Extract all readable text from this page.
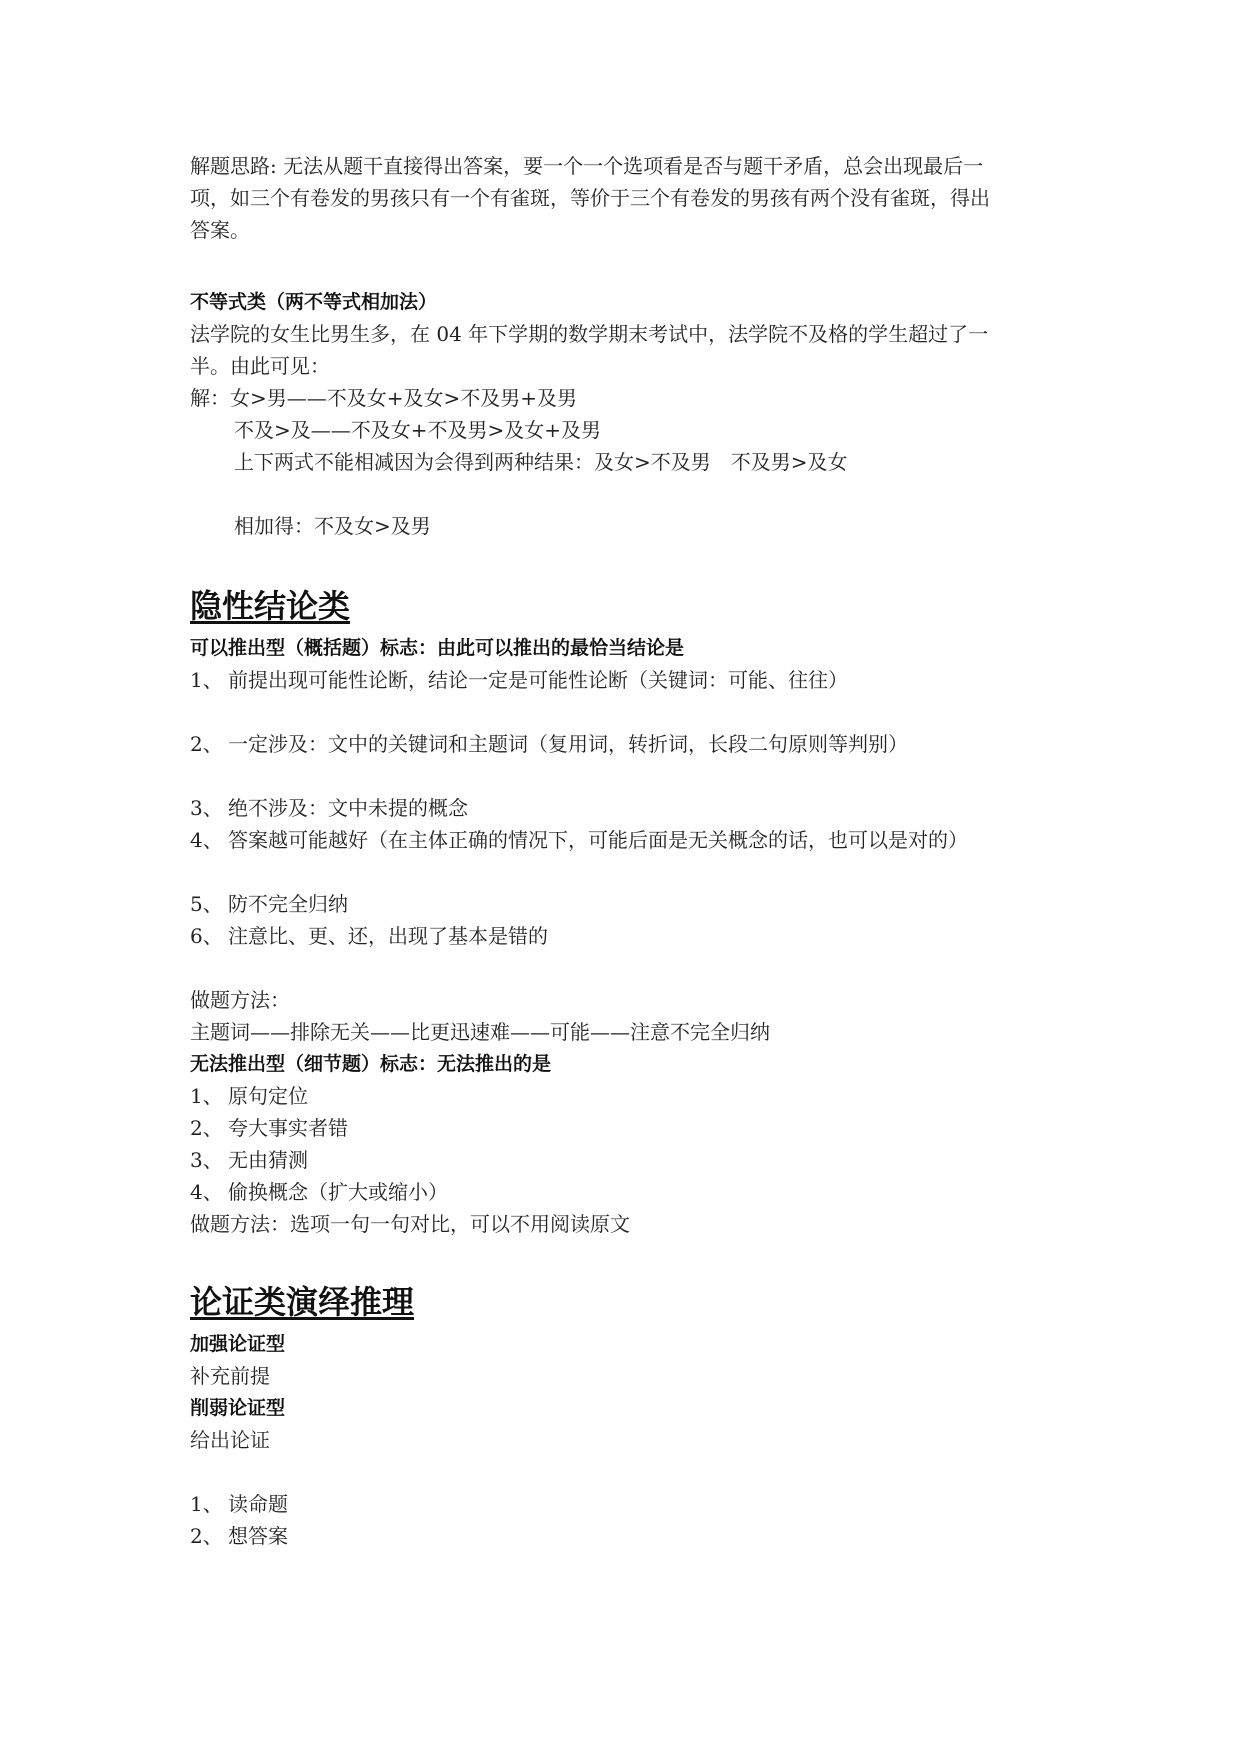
解题思路: 无法从题干直接得出答案，要一个一个选项看是否与题干矛盾，总会出现最后一

项，如三个有卷发的男孩只有一个有雀斑，等价于三个有卷发的男孩有两个没有雀斑，得出

答案。

不等式类（两不等式相加法）

法学院的女生比男生多，在 04 年下学期的数学期末考试中，法学院不及格的学生超过了一

半。由此可见：

解：女>男——不及女+及女>不及男+及男

不及>及——不及女+不及男>及女+及男

上下两式不能相减因为会得到两种结果：及女>不及男　不及男>及女

相加得：不及女>及男

隐性结论类

可以推出型（概括题）标志：由此可以推出的最恰当结论是

1、 前提出现可能性论断，结论一定是可能性论断（关键词：可能、往往）
2、 一定涉及：文中的关键词和主题词（复用词，转折词，长段二句原则等判别）
3、 绝不涉及：文中未提的概念
4、 答案越可能越好（在主体正确的情况下，可能后面是无关概念的话，也可以是对的）
5、 防不完全归纳
6、 注意比、更、还，出现了基本是错的

做题方法：

主题词——排除无关——比更迅速难——可能——注意不完全归纳

无法推出型（细节题）标志：无法推出的是

1、 原句定位
2、 夸大事实者错
3、 无由猜测
4、 偷换概念（扩大或缩小）

做题方法：选项一句一句对比，可以不用阅读原文

论证类演绎推理

加强论证型

补充前提

削弱论证型

给出论证

1、 读命题
2、 想答案
